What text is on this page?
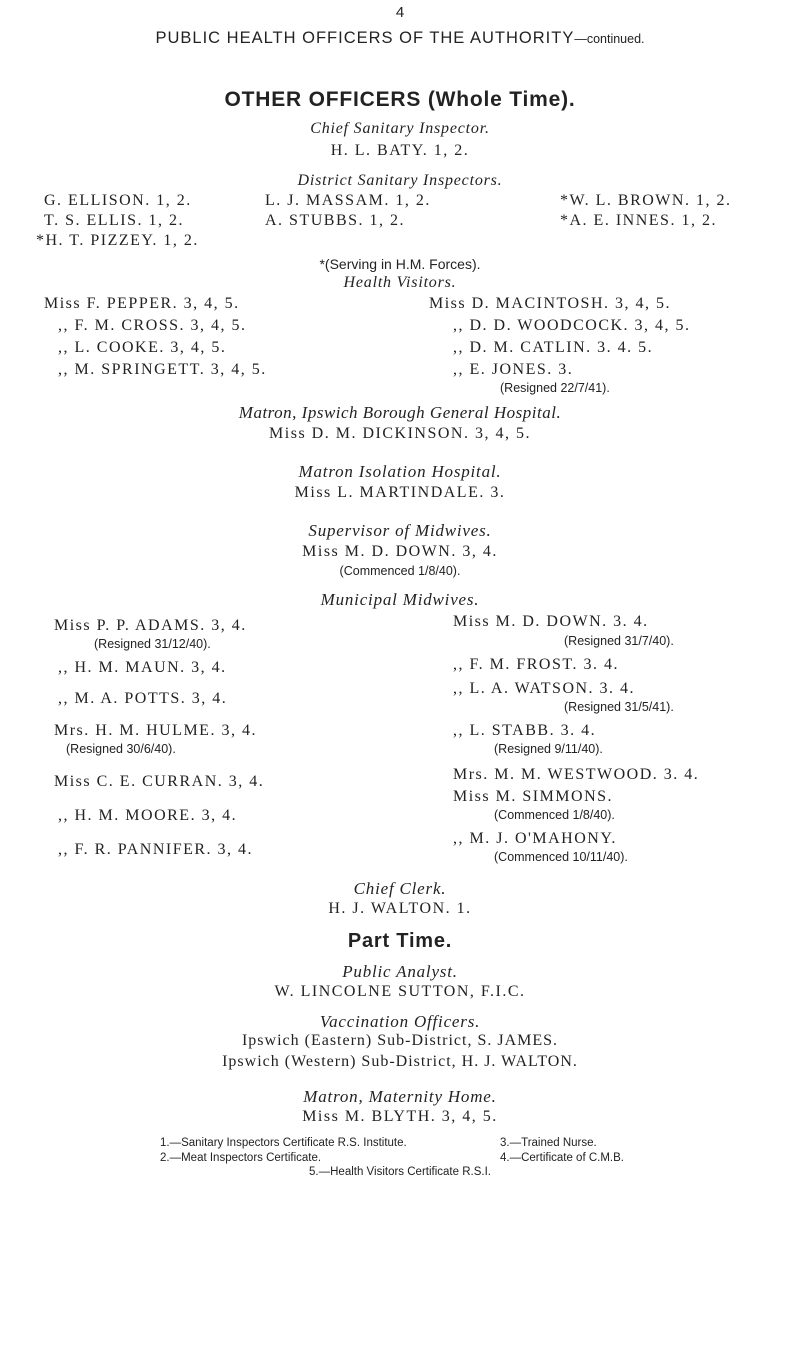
4
PUBLIC HEALTH OFFICERS OF THE AUTHORITY—continued.
OTHER OFFICERS (Whole Time).
Chief Sanitary Inspector.
H. L. BATY. 1, 2.
District Sanitary Inspectors.
G. ELLISON. 1, 2.	L. J. MASSAM. 1, 2.	*W. L. BROWN. 1, 2.
T. S. ELLIS. 1, 2.	A. STUBBS. 1, 2.	*A. E. INNES. 1, 2.
*H. T. PIZZEY. 1, 2.
*(Serving in H.M. Forces).
Health Visitors.
Miss F. PEPPER. 3, 4, 5.
,, F. M. CROSS. 3, 4, 5.
,, L. COOKE. 3, 4, 5.
,, M. SPRINGETT. 3, 4, 5.
Miss D. MACINTOSH. 3, 4, 5.
,, D. D. WOODCOCK. 3, 4, 5.
,, D. M. CATLIN. 3. 4. 5.
,, E. JONES. 3.
(Resigned 22/7/41).
Matron, Ipswich Borough General Hospital.
Miss D. M. DICKINSON. 3, 4, 5.
Matron Isolation Hospital.
Miss L. MARTINDALE. 3.
Supervisor of Midwives.
Miss M. D. DOWN. 3, 4.
(Commenced 1/8/40).
Municipal Midwives.
Miss P. P. ADAMS. 3, 4.
(Resigned 31/12/40).
,, H. M. MAUN. 3, 4.
,, M. A. POTTS. 3, 4.
Mrs. H. M. HULME. 3, 4.
(Resigned 30/6/40).
Miss C. E. CURRAN. 3, 4.
,, H. M. MOORE. 3, 4.
,, F. R. PANNIFER. 3, 4.
Miss M. D. DOWN. 3. 4.
(Resigned 31/7/40).
,, F. M. FROST. 3. 4.
,, L. A. WATSON. 3. 4.
(Resigned 31/5/41).
,, L. STABB. 3. 4.
(Resigned 9/11/40).
Mrs. M. M. WESTWOOD. 3. 4.
Miss M. SIMMONS.
(Commenced 1/8/40).
,, M. J. O'MAHONY.
(Commenced 10/11/40).
Chief Clerk.
H. J. WALTON. 1.
Part Time.
Public Analyst.
W. LINCOLNE SUTTON, F.I.C.
Vaccination Officers.
Ipswich (Eastern) Sub-District, S. JAMES.
Ipswich (Western) Sub-District, H. J. WALTON.
Matron, Maternity Home.
Miss M. BLYTH. 3, 4, 5.
1.—Sanitary Inspectors Certificate R.S. Institute.	3.—Trained Nurse.
2.—Meat Inspectors Certificate.	4.—Certificate of C.M.B.
5.—Health Visitors Certificate R.S.I.
